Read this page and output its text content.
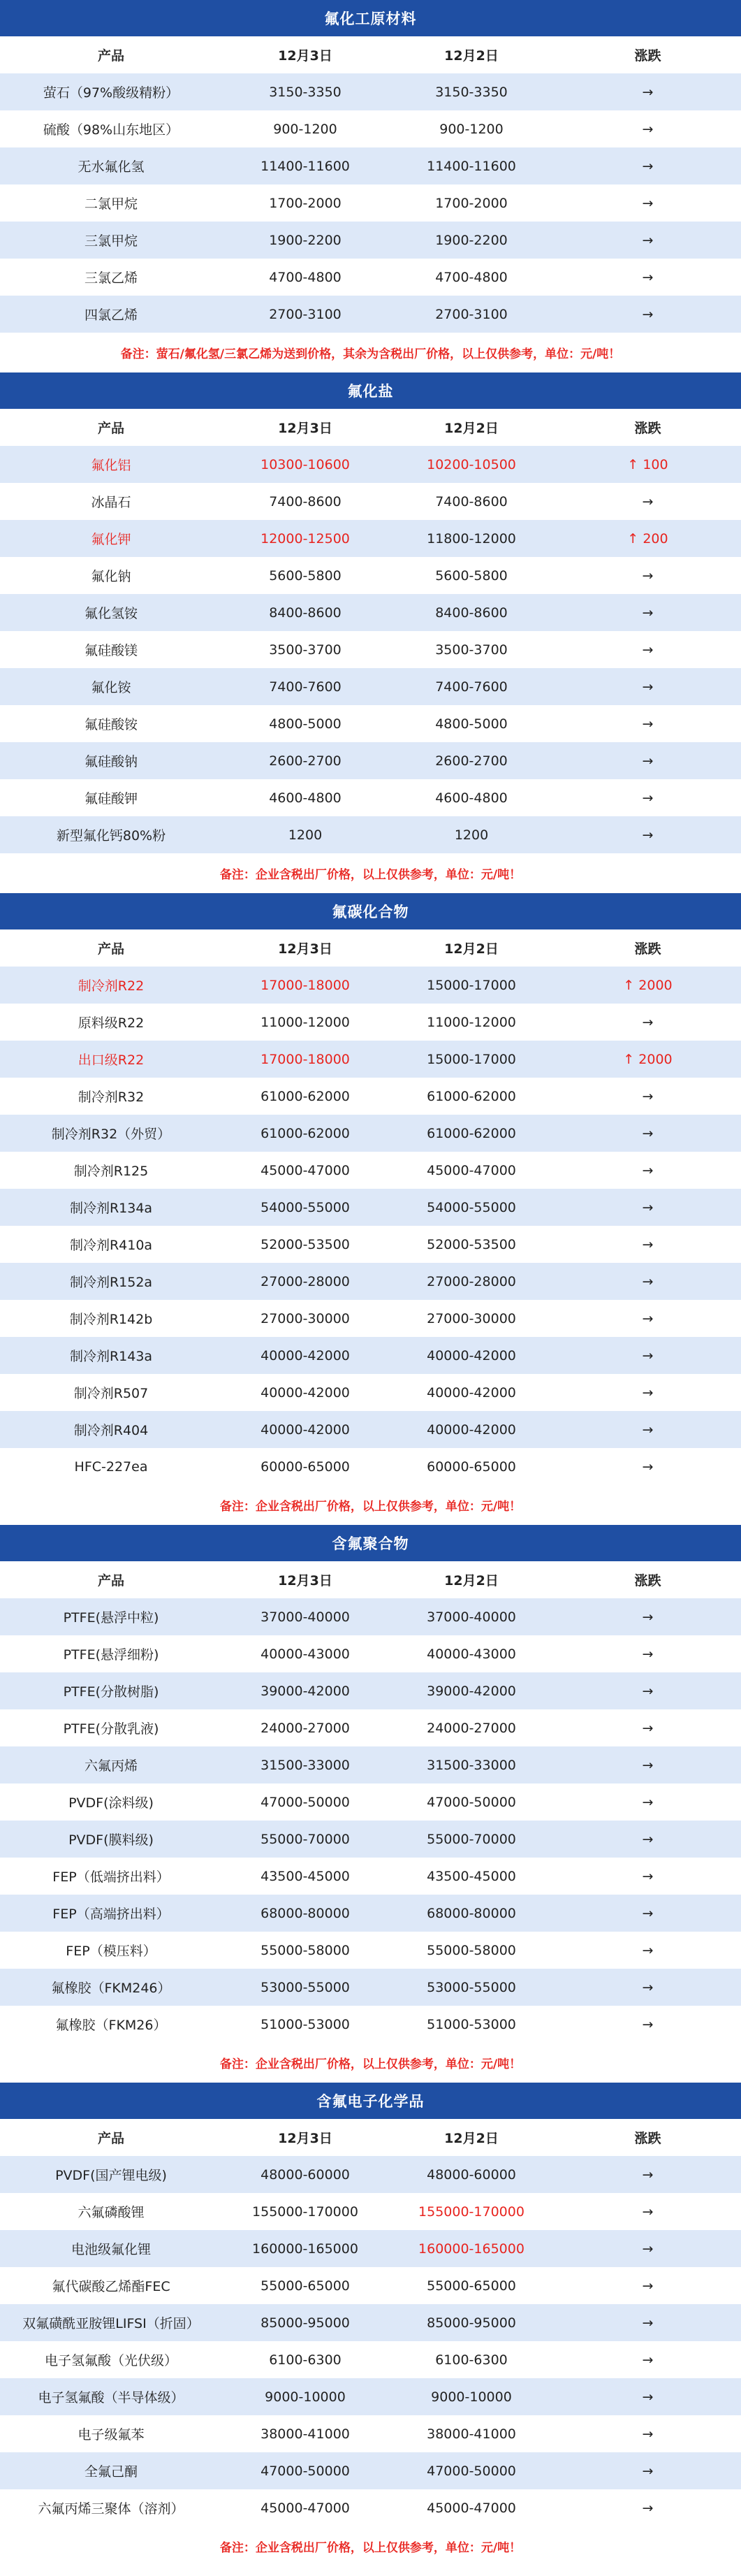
氟化工原材料
产品	12月3日	12月2日	涨跌
萤石（97%酸级精粉）	3150-3350	3150-3350	→
硫酸（98%山东地区）	900-1200	900-1200	→
无水氟化氢	11400-11600	11400-11600	→
二氯甲烷	1700-2000	1700-2000	→
三氯甲烷	1900-2200	1900-2200	→
三氯乙烯	4700-4800	4700-4800	→
四氯乙烯	2700-3100	2700-3100	→
备注：萤石/氟化氢/三氯乙烯为送到价格，其余为含税出厂价格，以上仅供参考，单位：元/吨！
氟化盐
产品	12月3日	12月2日	涨跌
氟化铝	10300-10600	10200-10500	↑ 100
冰晶石	7400-8600	7400-8600	→
氟化钾	12000-12500	11800-12000	↑ 200
氟化钠	5600-5800	5600-5800	→
氟化氢铵	8400-8600	8400-8600	→
氟硅酸镁	3500-3700	3500-3700	→
氟化铵	7400-7600	7400-7600	→
氟硅酸铵	4800-5000	4800-5000	→
氟硅酸钠	2600-2700	2600-2700	→
氟硅酸钾	4600-4800	4600-4800	→
新型氟化钙80%粉	1200	1200	→
备注：企业含税出厂价格，以上仅供参考，单位：元/吨！
氟碳化合物
产品	12月3日	12月2日	涨跌
制冷剂R22	17000-18000	15000-17000	↑ 2000
原料级R22	11000-12000	11000-12000	→
出口级R22	17000-18000	15000-17000	↑ 2000
制冷剂R32	61000-62000	61000-62000	→
制冷剂R32（外贸）	61000-62000	61000-62000	→
制冷剂R125	45000-47000	45000-47000	→
制冷剂R134a	54000-55000	54000-55000	→
制冷剂R410a	52000-53500	52000-53500	→
制冷剂R152a	27000-28000	27000-28000	→
制冷剂R142b	27000-30000	27000-30000	→
制冷剂R143a	40000-42000	40000-42000	→
制冷剂R507	40000-42000	40000-42000	→
制冷剂R404	40000-42000	40000-42000	→
HFC-227ea	60000-65000	60000-65000	→
备注：企业含税出厂价格，以上仅供参考，单位：元/吨！
含氟聚合物
产品	12月3日	12月2日	涨跌
PTFE(悬浮中粒)	37000-40000	37000-40000	→
PTFE(悬浮细粉)	40000-43000	40000-43000	→
PTFE(分散树脂)	39000-42000	39000-42000	→
PTFE(分散乳液)	24000-27000	24000-27000	→
六氟丙烯	31500-33000	31500-33000	→
PVDF(涂料级)	47000-50000	47000-50000	→
PVDF(膜料级)	55000-70000	55000-70000	→
FEP（低端挤出料）	43500-45000	43500-45000	→
FEP（高端挤出料）	68000-80000	68000-80000	→
FEP（模压料）	55000-58000	55000-58000	→
氟橡胶（FKM246）	53000-55000	53000-55000	→
氟橡胶（FKM26）	51000-53000	51000-53000	→
备注：企业含税出厂价格，以上仅供参考，单位：元/吨！
含氟电子化学品
产品	12月3日	12月2日	涨跌
PVDF(国产锂电级)	48000-60000	48000-60000	→
六氟磷酸锂	155000-170000	155000-170000	→
电池级氟化锂	160000-165000	160000-165000	→
氟代碳酸乙烯酯FEC	55000-65000	55000-65000	→
双氟磺酰亚胺锂LIFSI（折固）	85000-95000	85000-95000	→
电子氢氟酸（光伏级）	6100-6300	6100-6300	→
电子氢氟酸（半导体级）	9000-10000	9000-10000	→
电子级氟苯	38000-41000	38000-41000	→
全氟己酮	47000-50000	47000-50000	→
六氟丙烯三聚体（溶剂）	45000-47000	45000-47000	→
备注：企业含税出厂价格，以上仅供参考，单位：元/吨！
